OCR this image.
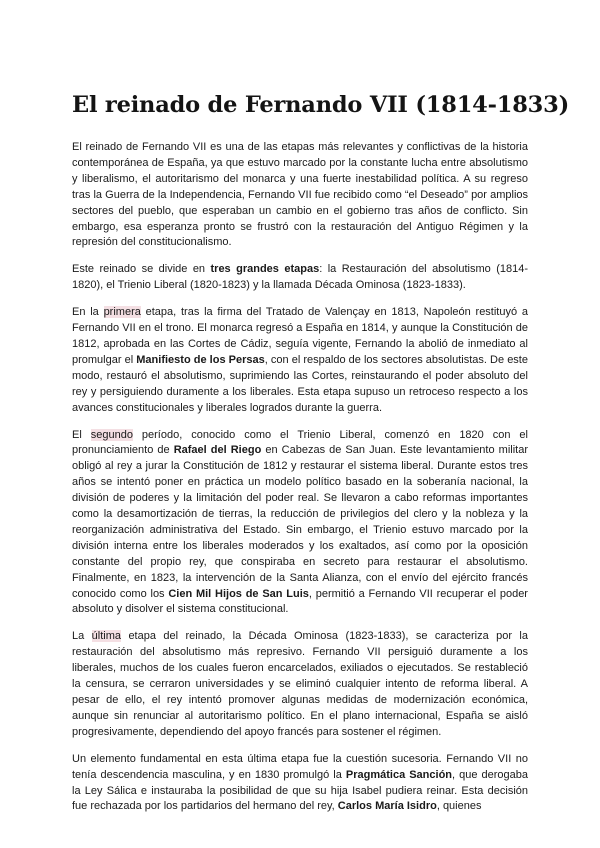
El reinado de Fernando VII (1814-1833)

El reinado de Fernando VII es una de las etapas más relevantes y conflictivas de la historia contemporánea de España, ya que estuvo marcado por la constante lucha entre absolutismo y liberalismo, el autoritarismo del monarca y una fuerte inestabilidad política. A su regreso tras la Guerra de la Independencia, Fernando VII fue recibido como “el Deseado” por amplios sectores del pueblo, que esperaban un cambio en el gobierno tras años de conflicto. Sin embargo, esa esperanza pronto se frustró con la restauración del Antiguo Régimen y la represión del constitucionalismo.

Este reinado se divide en tres grandes etapas: la Restauración del absolutismo (1814-1820), el Trienio Liberal (1820-1823) y la llamada Década Ominosa (1823-1833).

En la primera etapa, tras la firma del Tratado de Valençay en 1813, Napoleón restituyó a Fernando VII en el trono. El monarca regresó a España en 1814, y aunque la Constitución de 1812, aprobada en las Cortes de Cádiz, seguía vigente, Fernando la abolió de inmediato al promulgar el Manifiesto de los Persas, con el respaldo de los sectores absolutistas. De este modo, restauró el absolutismo, suprimiendo las Cortes, reinstaurando el poder absoluto del rey y persiguiendo duramente a los liberales. Esta etapa supuso un retroceso respecto a los avances constitucionales y liberales logrados durante la guerra.

El segundo período, conocido como el Trienio Liberal, comenzó en 1820 con el pronunciamiento de Rafael del Riego en Cabezas de San Juan. Este levantamiento militar obligó al rey a jurar la Constitución de 1812 y restaurar el sistema liberal. Durante estos tres años se intentó poner en práctica un modelo político basado en la soberanía nacional, la división de poderes y la limitación del poder real. Se llevaron a cabo reformas importantes como la desamortización de tierras, la reducción de privilegios del clero y la nobleza y la reorganización administrativa del Estado. Sin embargo, el Trienio estuvo marcado por la división interna entre los liberales moderados y los exaltados, así como por la oposición constante del propio rey, que conspiraba en secreto para restaurar el absolutismo. Finalmente, en 1823, la intervención de la Santa Alianza, con el envío del ejército francés conocido como los Cien Mil Hijos de San Luis, permitió a Fernando VII recuperar el poder absoluto y disolver el sistema constitucional.

La última etapa del reinado, la Década Ominosa (1823-1833), se caracteriza por la restauración del absolutismo más represivo. Fernando VII persiguió duramente a los liberales, muchos de los cuales fueron encarcelados, exiliados o ejecutados. Se restableció la censura, se cerraron universidades y se eliminó cualquier intento de reforma liberal. A pesar de ello, el rey intentó promover algunas medidas de modernización económica, aunque sin renunciar al autoritarismo político. En el plano internacional, España se aisló progresivamente, dependiendo del apoyo francés para sostener el régimen.

Un elemento fundamental en esta última etapa fue la cuestión sucesoria. Fernando VII no tenía descendencia masculina, y en 1830 promulgó la Pragmática Sanción, que derogaba la Ley Sálica e instauraba la posibilidad de que su hija Isabel pudiera reinar. Esta decisión fue rechazada por los partidarios del hermano del rey, Carlos María Isidro, quienes
